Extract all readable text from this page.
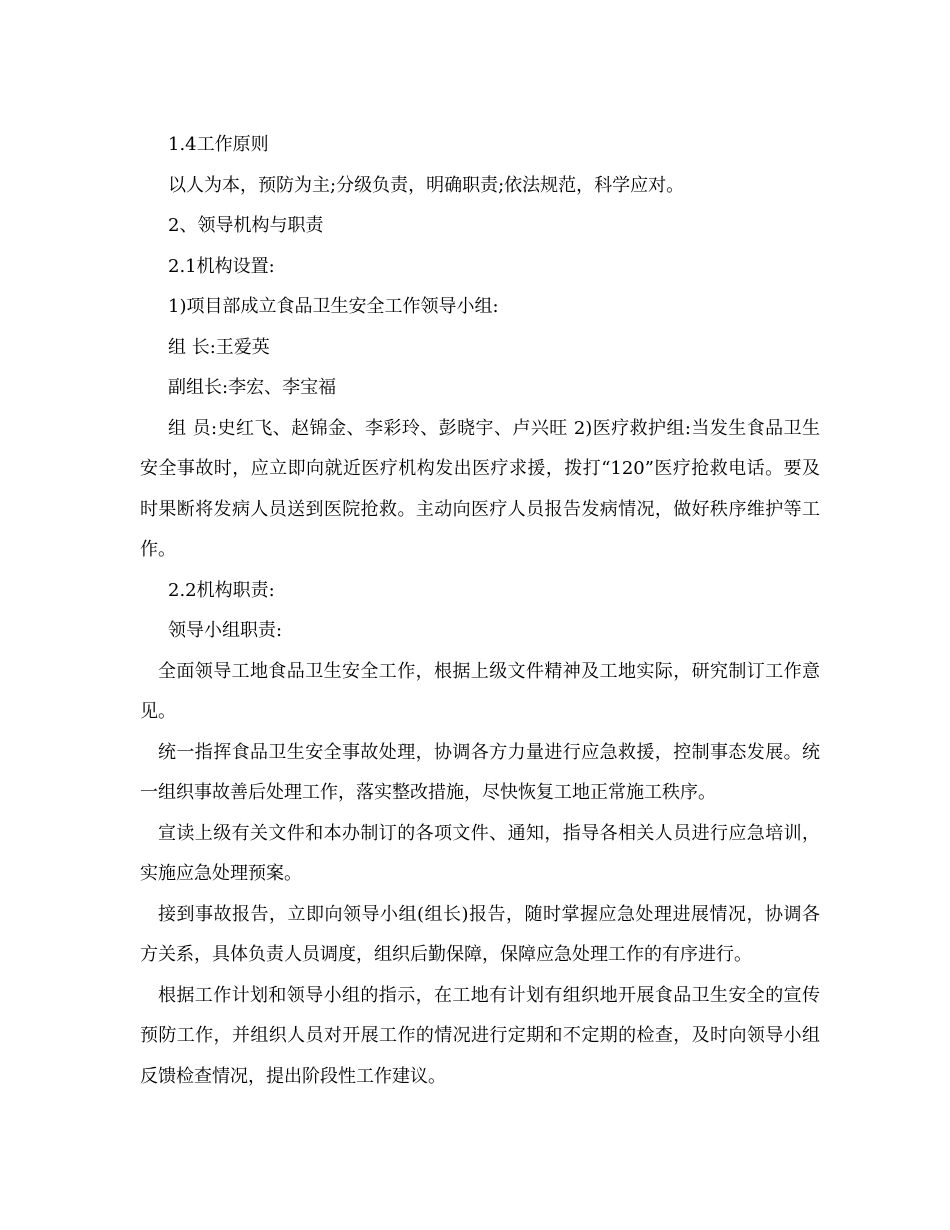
1.4工作原则

以人为本，预防为主;分级负责，明确职责;依法规范，科学应对。

2、领导机构与职责

2.1机构设置:

1)项目部成立食品卫生安全工作领导小组:

组 长:王爱英

副组长:李宏、李宝福

组 员:史红飞、赵锦金、李彩玲、彭晓宇、卢兴旺 2)医疗救护组:当发生食品卫生安全事故时，应立即向就近医疗机构发出医疗求援，拨打“120”医疗抢救电话。要及时果断将发病人员送到医院抢救。主动向医疗人员报告发病情况，做好秩序维护等工作。

2.2机构职责:

领导小组职责:

全面领导工地食品卫生安全工作，根据上级文件精神及工地实际，研究制订工作意见。

统一指挥食品卫生安全事故处理，协调各方力量进行应急救援，控制事态发展。统一组织事故善后处理工作，落实整改措施，尽快恢复工地正常施工秩序。

宣读上级有关文件和本办制订的各项文件、通知，指导各相关人员进行应急培训，实施应急处理预案。

接到事故报告，立即向领导小组(组长)报告，随时掌握应急处理进展情况，协调各方关系，具体负责人员调度，组织后勤保障，保障应急处理工作的有序进行。

根据工作计划和领导小组的指示，在工地有计划有组织地开展食品卫生安全的宣传预防工作，并组织人员对开展工作的情况进行定期和不定期的检查，及时向领导小组反馈检查情况，提出阶段性工作建议。
